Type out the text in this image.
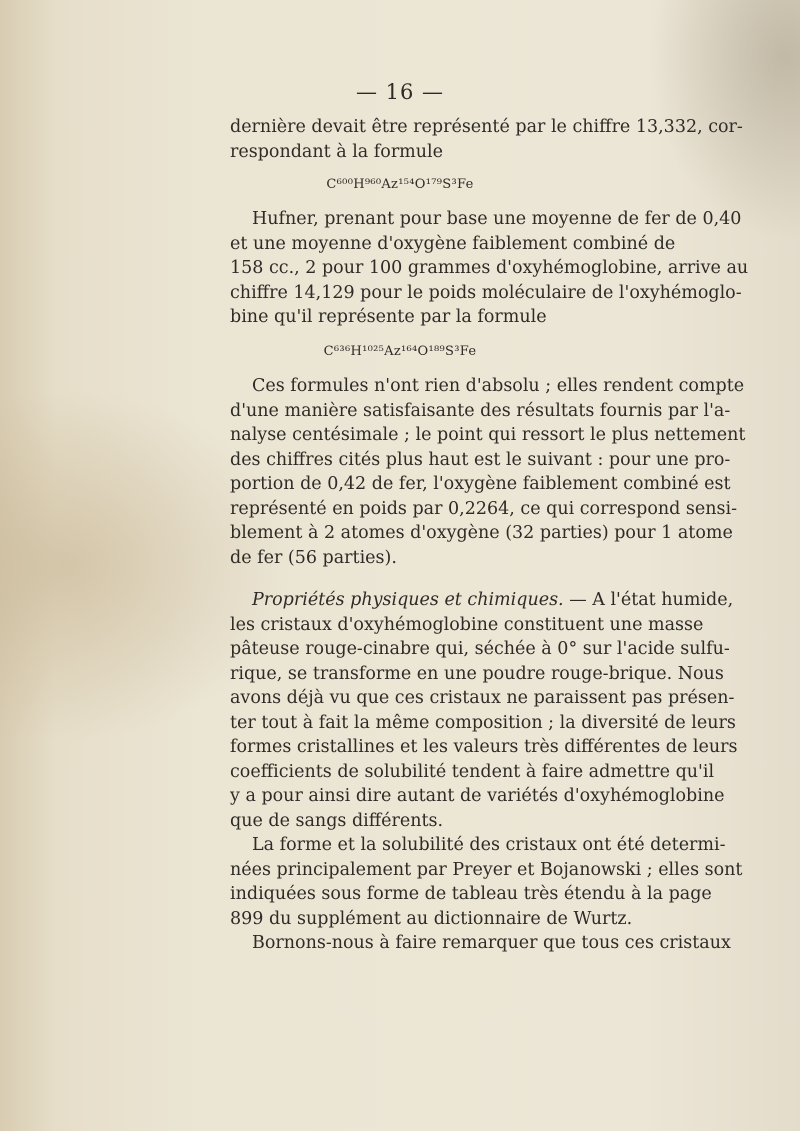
— 16 —
dernière devait être représenté par le chiffre 13,332, cor-
respondant à la formule
C⁶⁰⁰H⁹⁶⁰Az¹⁵⁴O¹⁷⁹S³Fe
Hufner, prenant pour base une moyenne de fer de 0,40
et une moyenne d'oxygène faiblement combiné de
158 cc., 2 pour 100 grammes d'oxyhémoglobine, arrive au
chiffre 14,129 pour le poids moléculaire de l'oxyhémoglo-
bine qu'il représente par la formule
C⁶³⁶H¹⁰²⁵Az¹⁶⁴O¹⁸⁹S³Fe
Ces formules n'ont rien d'absolu ; elles rendent compte
d'une manière satisfaisante des résultats fournis par l'a-
nalyse centésimale ; le point qui ressort le plus nettement
des chiffres cités plus haut est le suivant : pour une pro-
portion de 0,42 de fer, l'oxygène faiblement combiné est
représenté en poids par 0,2264, ce qui correspond sensi-
blement à 2 atomes d'oxygène (32 parties) pour 1 atome
de fer (56 parties).
Propriétés physiques et chimiques. — A l'état humide,
les cristaux d'oxyhémoglobine constituent une masse
pâteuse rouge-cinabre qui, séchée à 0° sur l'acide sulfu-
rique, se transforme en une poudre rouge-brique. Nous
avons déjà vu que ces cristaux ne paraissent pas présen-
ter tout à fait la même composition ; la diversité de leurs
formes cristallines et les valeurs très différentes de leurs
coefficients de solubilité tendent à faire admettre qu'il
y a pour ainsi dire autant de variétés d'oxyhémoglobine
que de sangs différents.
La forme et la solubilité des cristaux ont été determi-
nées principalement par Preyer et Bojanowski ; elles sont
indiquées sous forme de tableau très étendu à la page
899 du supplément au dictionnaire de Wurtz.
Bornons-nous à faire remarquer que tous ces cristaux
